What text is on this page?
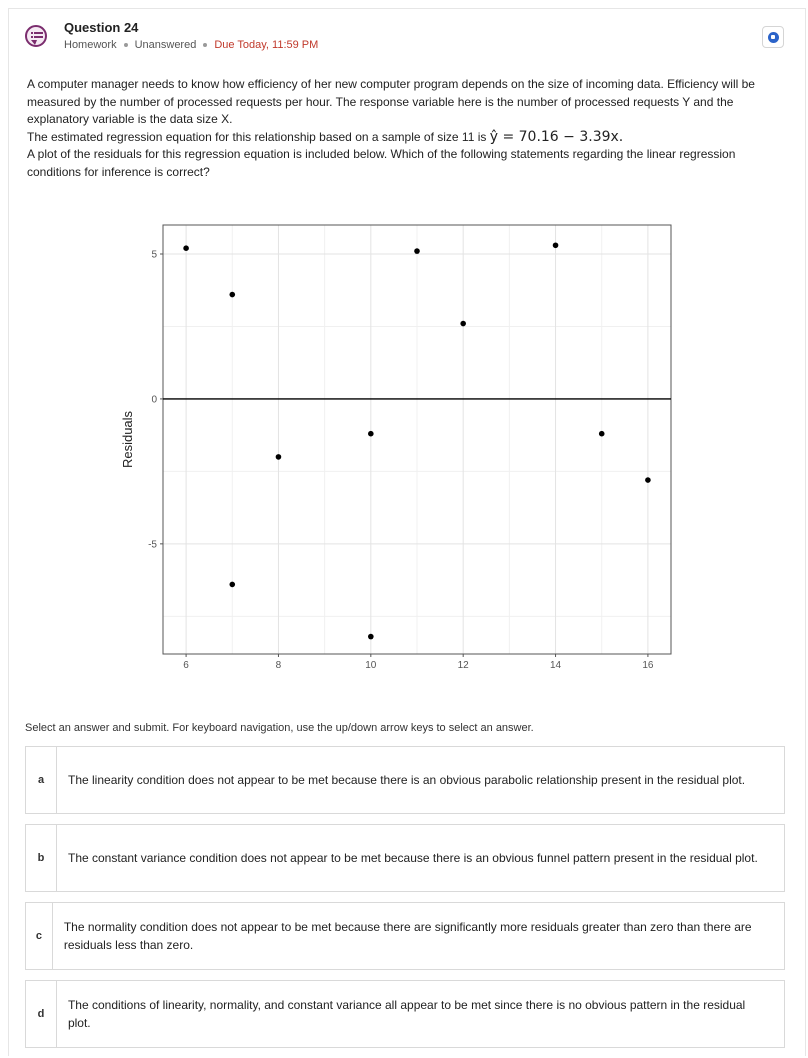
Question 24
Homework Unanswered Due Today, 11:59 PM

A computer manager needs to know how efficiency of her new computer program depends on the size of incoming data. Efficiency will be measured by the number of processed requests per hour. The response variable here is the number of processed requests Y and the explanatory variable is the data size X.

The estimated regression equation for this relationship based on a sample of size 11 is ŷ = 70.16 − 3.39x.

A plot of the residuals for this regression equation is included below. Which of the following statements regarding the linear regression conditions for inference is correct?

6	8	10	12	14	16
-5
0
5
Residuals
Select an answer and submit. For keyboard navigation, use the up/down arrow keys to select an answer.
a	The linearity condition does not appear to be met because there is an obvious parabolic relationship present in the residual plot.
b	The constant variance condition does not appear to be met because there is an obvious funnel pattern present in the residual plot.
c
The normality condition does not appear to be met because there are significantly more residuals greater than zero than there are residuals less than zero.
d
The conditions of linearity, normality, and constant variance all appear to be met since there is no obvious pattern in the residual plot.
